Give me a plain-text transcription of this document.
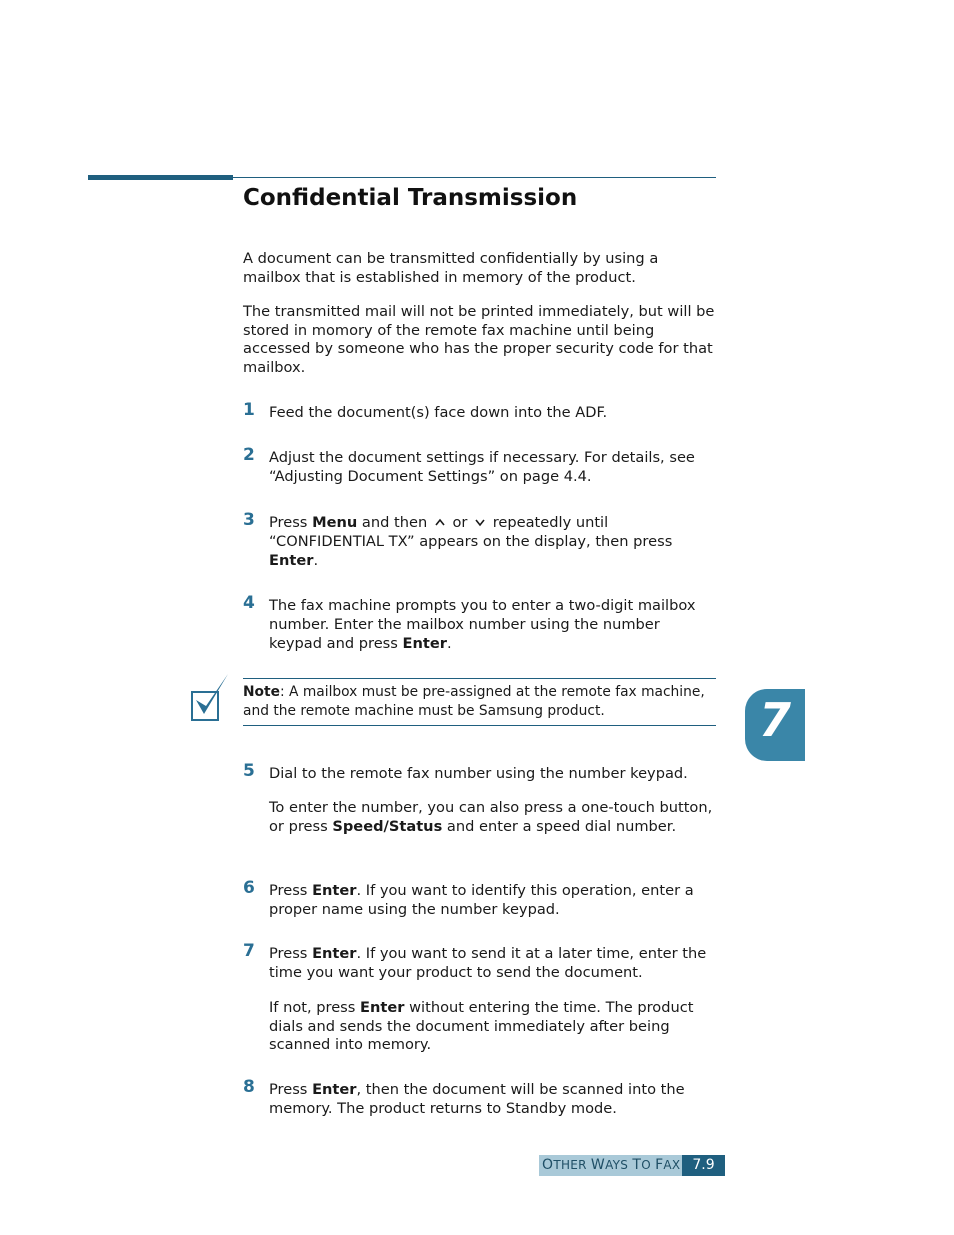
Confidential Transmission

A document can be transmitted confidentially by using a mailbox that is established in memory of the product.

The transmitted mail will not be printed immediately, but will be stored in momory of the remote fax machine until being accessed by someone who has the proper security code for that mailbox.

1 Feed the document(s) face down into the ADF.

2 Adjust the document settings if necessary. For details, see “Adjusting Document Settings” on page 4.4.

3 Press Menu and then  or  repeatedly until “CONFIDENTIAL TX” appears on the display, then press Enter.

4 The fax machine prompts you to enter a two-digit mailbox number. Enter the mailbox number using the number keypad and press Enter.

Note: A mailbox must be pre-assigned at the remote fax machine, and the remote machine must be Samsung product.	7
5 Dial to the remote fax number using the number keypad.

To enter the number, you can also press a one-touch button, or press Speed/Status and enter a speed dial number.

6 Press Enter. If you want to identify this operation, enter a proper name using the number keypad.

7 Press Enter. If you want to send it at a later time, enter the time you want your product to send the document.

If not, press Enter without entering the time. The product dials and sends the document immediately after being scanned into memory.

8 Press Enter, then the document will be scanned into the memory. The product returns to Standby mode.

OTHER WAYS TO FAX 7.9
